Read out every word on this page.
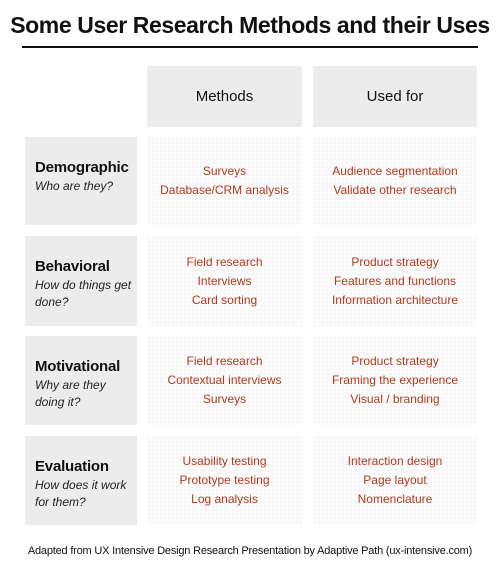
Some User Research Methods and their Uses
Methods	Used for
Demographic
Who are they?
Surveys
Database/CRM analysis
Audience segmentation
Validate other research
Behavioral
How do things get done?
Field research
Interviews
Card sorting
Product strategy
Features and functions
Information architecture
Motivational
Why are they doing it?
Field research
Contextual interviews
Surveys
Product strategy
Framing the experience
Visual / branding
Evaluation
How does it work for them?
Usability testing
Prototype testing
Log analysis
Interaction design
Page layout
Nomenclature
Adapted from UX Intensive Design Research Presentation by Adaptive Path (ux-intensive.com)
